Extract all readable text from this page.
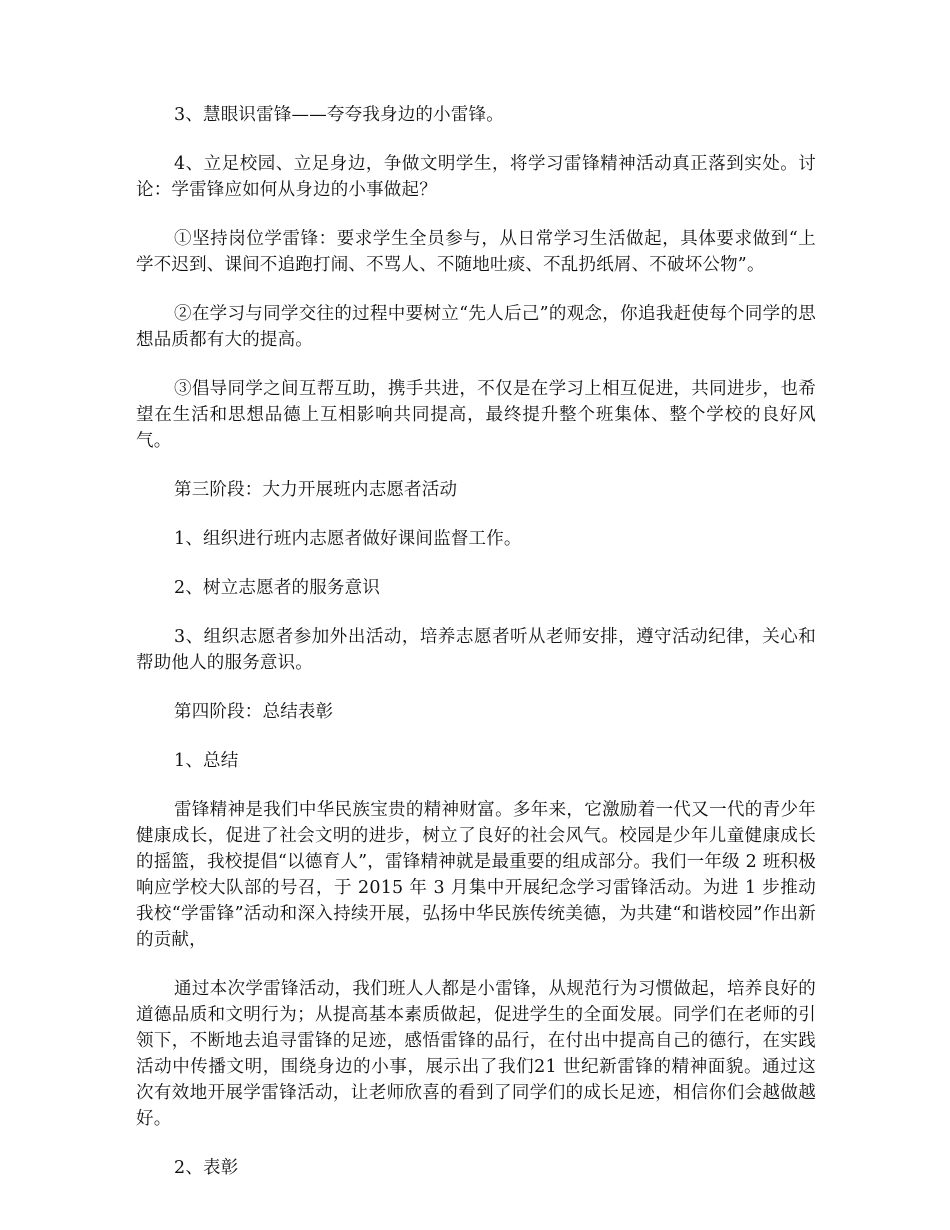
3、慧眼识雷锋——夸夸我身边的小雷锋。

4、立足校园、立足身边，争做文明学生，将学习雷锋精神活动真正落到实处。讨论：学雷锋应如何从身边的小事做起？

①坚持岗位学雷锋：要求学生全员参与，从日常学习生活做起，具体要求做到“上学不迟到、课间不追跑打闹、不骂人、不随地吐痰、不乱扔纸屑、不破坏公物”。

②在学习与同学交往的过程中要树立“先人后己”的观念，你追我赶使每个同学的思想品质都有大的提高。

③倡导同学之间互帮互助，携手共进，不仅是在学习上相互促进，共同进步，也希望在生活和思想品德上互相影响共同提高，最终提升整个班集体、整个学校的良好风气。

第三阶段：大力开展班内志愿者活动

1、组织进行班内志愿者做好课间监督工作。

2、树立志愿者的服务意识

3、组织志愿者参加外出活动，培养志愿者听从老师安排，遵守活动纪律，关心和帮助他人的服务意识。

第四阶段：总结表彰

1、总结

雷锋精神是我们中华民族宝贵的精神财富。多年来，它激励着一代又一代的青少年健康成长，促进了社会文明的进步，树立了良好的社会风气。校园是少年儿童健康成长的摇篮，我校提倡“以德育人”，雷锋精神就是最重要的组成部分。我们一年级 2 班积极响应学校大队部的号召，于 2015 年 3 月集中开展纪念学习雷锋活动。为进 1 步推动我校“学雷锋”活动和深入持续开展，弘扬中华民族传统美德，为共建“和谐校园”作出新的贡献，

通过本次学雷锋活动，我们班人人都是小雷锋，从规范行为习惯做起，培养良好的道德品质和文明行为；从提高基本素质做起，促进学生的全面发展。同学们在老师的引领下，不断地去追寻雷锋的足迹，感悟雷锋的品行，在付出中提高自己的德行，在实践活动中传播文明，围绕身边的小事，展示出了我们21 世纪新雷锋的精神面貌。通过这次有效地开展学雷锋活动，让老师欣喜的看到了同学们的成长足迹，相信你们会越做越好。

2、表彰
